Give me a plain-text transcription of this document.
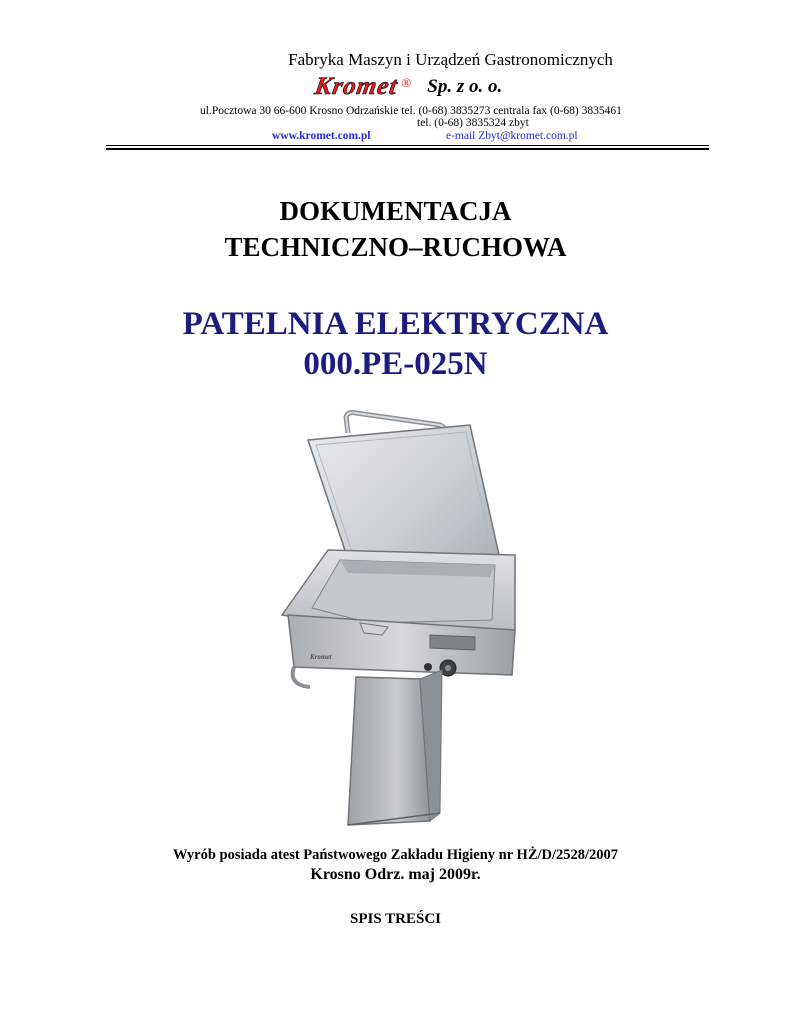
Fabryka Maszyn i Urządzeń Gastronomicznych
Kromet ® Sp. z o. o.
ul.Pocztowa 30 66-600 Krosno Odrzańskie tel. (0-68) 3835273 centrala fax (0-68) 3835461
tel. (0-68) 3835324 zbyt
www.kromet.com.pl	e-mail Zbyt@kromet.com.pl
DOKUMENTACJA
TECHNICZNO–RUCHOWA
PATELNIA ELEKTRYCZNA
000.PE-025N
Kromet
Wyrób posiada atest Państwowego Zakładu Higieny nr HŻ/D/2528/2007
Krosno Odrz. maj 2009r.
SPIS TREŚCI
